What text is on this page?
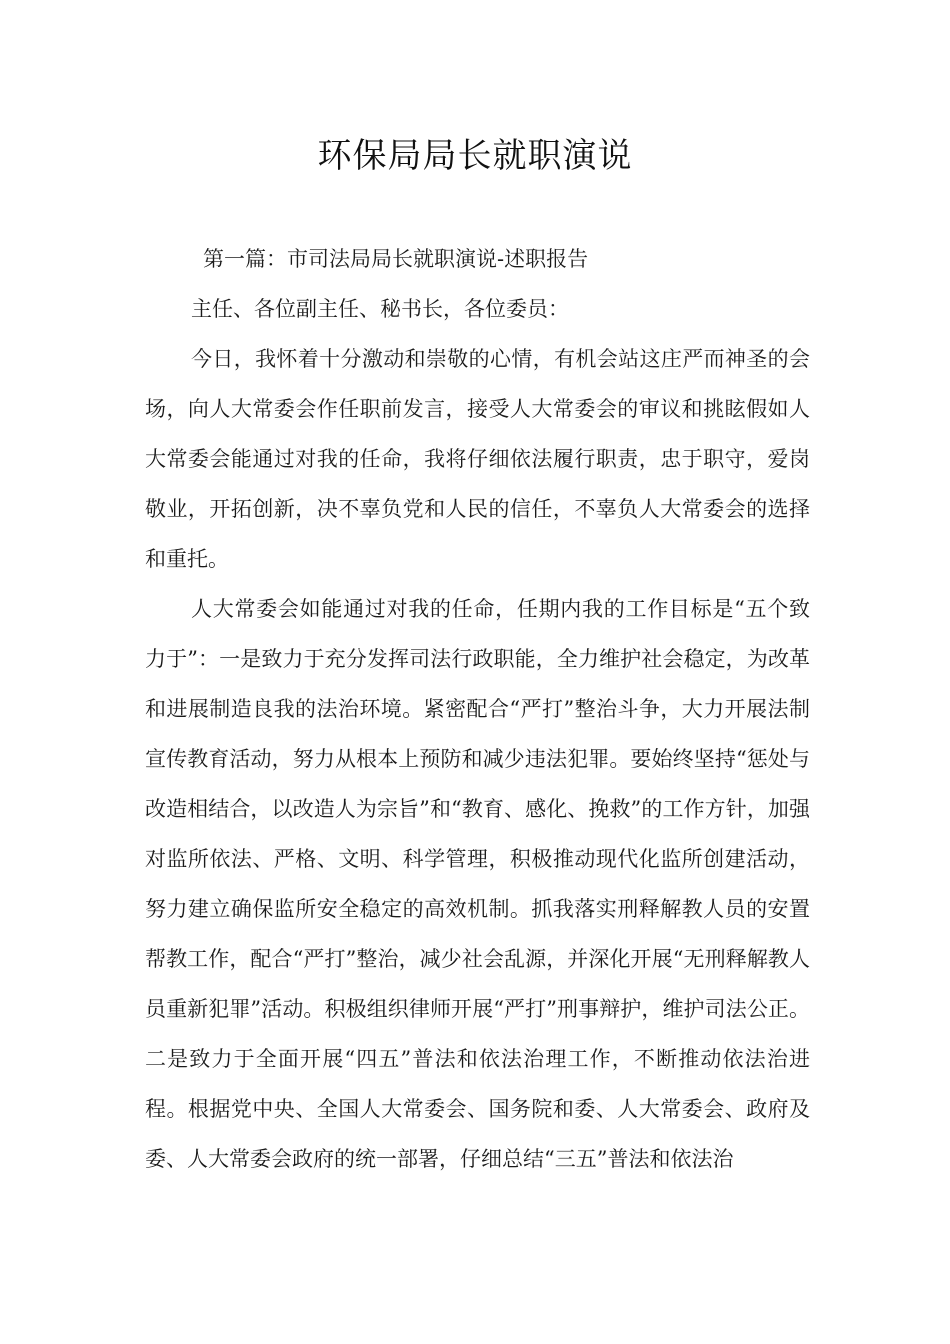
环保局局长就职演说

第一篇：市司法局局长就职演说-述职报告

主任、各位副主任、秘书长，各位委员：

今日，我怀着十分激动和崇敬的心情，有机会站这庄严而神圣的会场，向人大常委会作任职前发言，接受人大常委会的审议和挑眩假如人大常委会能通过对我的任命，我将仔细依法履行职责，忠于职守，爱岗敬业，开拓创新，决不辜负党和人民的信任，不辜负人大常委会的选择和重托。

人大常委会如能通过对我的任命，任期内我的工作目标是“五个致力于”：一是致力于充分发挥司法行政职能，全力维护社会稳定，为改革和进展制造良我的法治环境。紧密配合“严打”整治斗争，大力开展法制宣传教育活动，努力从根本上预防和减少违法犯罪。要始终坚持“惩处与改造相结合，以改造人为宗旨”和“教育、感化、挽救”的工作方针，加强对监所依法、严格、文明、科学管理，积极推动现代化监所创建活动，努力建立确保监所安全稳定的高效机制。抓我落实刑释解教人员的安置帮教工作，配合“严打”整治，减少社会乱源，并深化开展“无刑释解教人员重新犯罪”活动。积极组织律师开展“严打”刑事辩护，维护司法公正。二是致力于全面开展“四五”普法和依法治理工作，不断推动依法治进程。根据党中央、全国人大常委会、国务院和委、人大常委会、政府及委、人大常委会政府的统一部署，仔细总结“三五”普法和依法治
